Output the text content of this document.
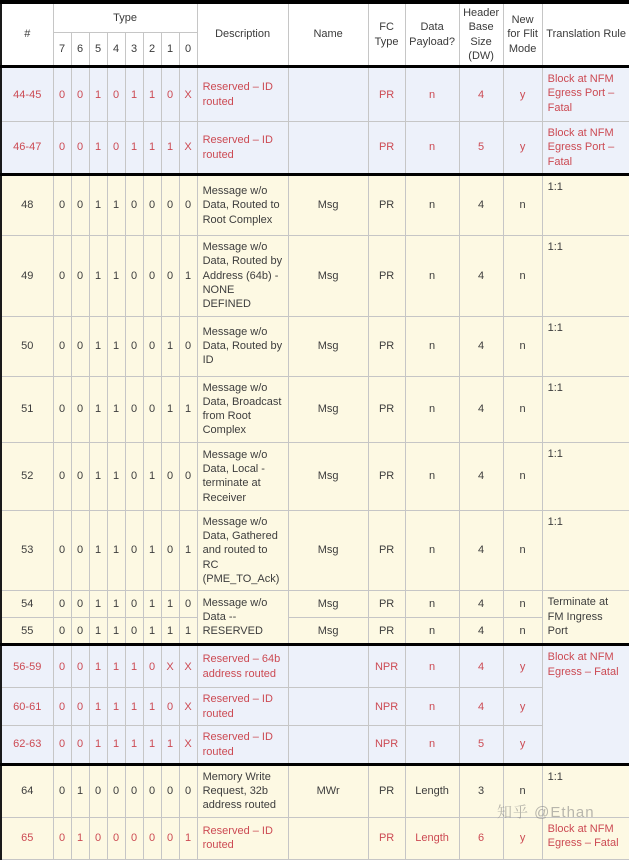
#	Type								Description	Name	FC Type	Data Payload?	Header Base Size (DW)	New for Flit Mode	Translation Rule
	7	6	5	4	3	2	1	0							
44-45	0	0	1	0	1	1	0	X	Reserved – ID routed		PR	n	4	y	Block at NFM Egress Port – Fatal
46-47	0	0	1	0	1	1	1	X	Reserved – ID routed		PR	n	5	y	Block at NFM Egress Port – Fatal
48	0	0	1	1	0	0	0	0	Message w/o Data, Routed to Root Complex	Msg	PR	n	4	n	1:1
49	0	0	1	1	0	0	0	1	Message w/o Data, Routed by Address (64b) - NONE DEFINED	Msg	PR	n	4	n	1:1
50	0	0	1	1	0	0	1	0	Message w/o Data, Routed by ID	Msg	PR	n	4	n	1:1
51	0	0	1	1	0	0	1	1	Message w/o Data, Broadcast from Root Complex	Msg	PR	n	4	n	1:1
52	0	0	1	1	0	1	0	0	Message w/o Data, Local - terminate at Receiver	Msg	PR	n	4	n	1:1
53	0	0	1	1	0	1	0	1	Message w/o Data, Gathered and routed to RC (PME_TO_Ack)	Msg	PR	n	4	n	1:1
54	0	0	1	1	0	1	1	0	Message w/o Data -- RESERVED	Msg	PR	n	4	n	Terminate at FM Ingress Port
55	0	0	1	1	0	1	1	1		Msg	PR	n	4	n	
56-59	0	0	1	1	1	0	X	X	Reserved – 64b address routed		NPR	n	4	y	Block at NFM Egress – Fatal
60-61	0	0	1	1	1	1	0	X	Reserved – ID routed		NPR	n	4	y	
62-63	0	0	1	1	1	1	1	X	Reserved – ID routed		NPR	n	5	y	
64	0	1	0	0	0	0	0	0	Memory Write Request, 32b address routed	MWr	PR	Length	3	n	1:1
65	0	1	0	0	0	0	0	1	Reserved – ID routed		PR	Length	6	y	Block at NFM Egress – Fatal
知乎 @Ethan
